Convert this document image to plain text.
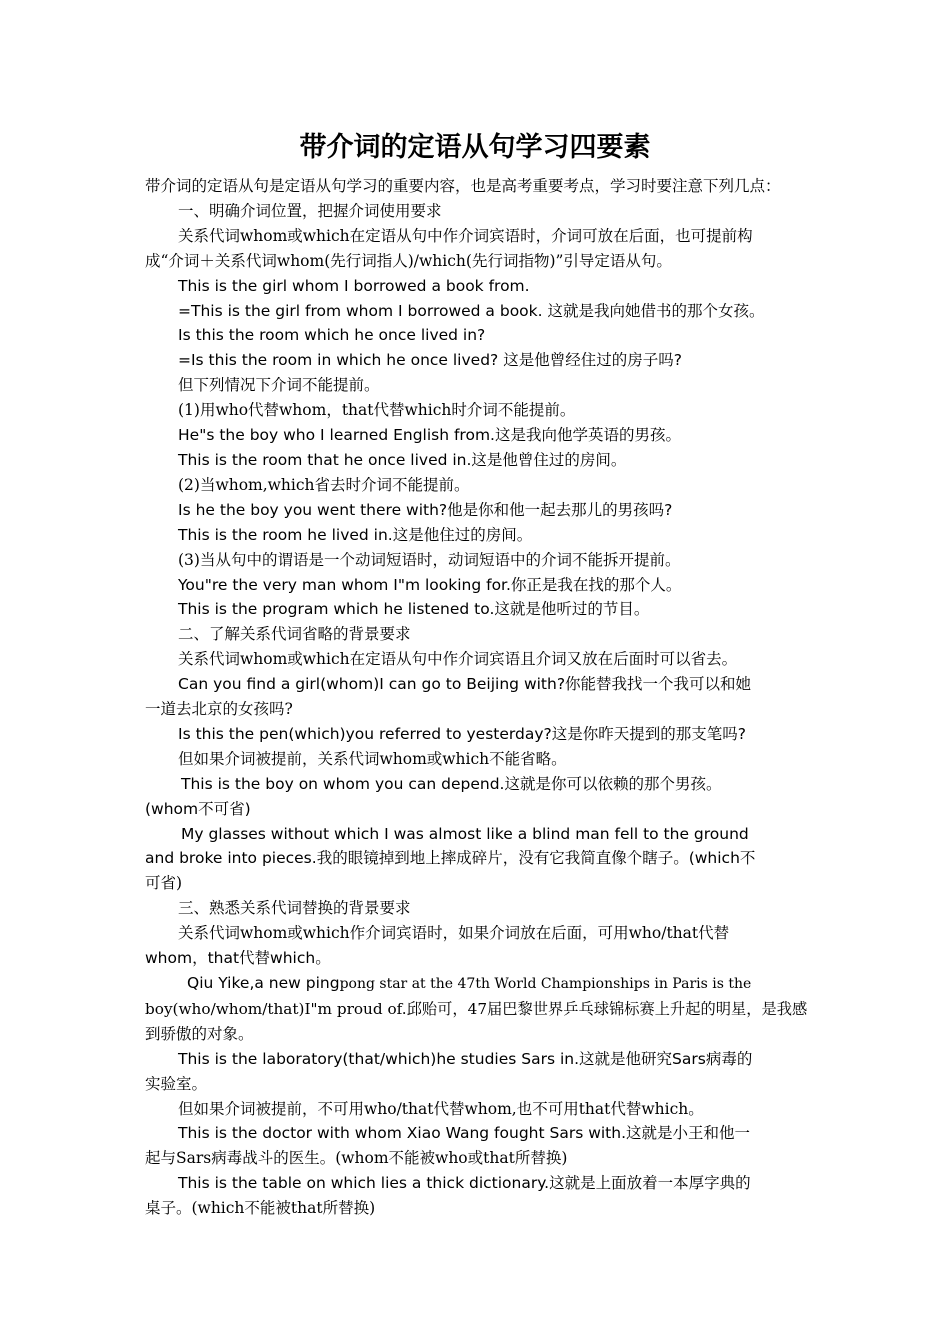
带介词的定语从句学习四要素

带介词的定语从句是定语从句学习的重要内容，也是高考重要考点，学习时要注意下列几点：

一、明确介词位置，把握介词使用要求

关系代词whom或which在定语从句中作介词宾语时，介词可放在后面，也可提前构

成“介词＋关系代词whom(先行词指人)/which(先行词指物)”引导定语从句。

This is the girl whom I borrowed a book from.

=This is the girl from whom I borrowed a book. 这就是我向她借书的那个女孩。

Is this the room which he once lived in?

=Is this the room in which he once lived? 这是他曾经住过的房子吗?

但下列情况下介词不能提前。

(1)用who代替whom，that代替which时介词不能提前。

He"s the boy who I learned English from.这是我向他学英语的男孩。

This is the room that he once lived in.这是他曾住过的房间。

(2)当whom,which省去时介词不能提前。

Is he the boy you went there with?他是你和他一起去那儿的男孩吗?

This is the room he lived in.这是他住过的房间。

(3)当从句中的谓语是一个动词短语时，动词短语中的介词不能拆开提前。

You"re the very man whom I"m looking for.你正是我在找的那个人。

This is the program which he listened to.这就是他听过的节目。

二、了解关系代词省略的背景要求

关系代词whom或which在定语从句中作介词宾语且介词又放在后面时可以省去。

Can you find a girl(whom)I can go to Beijing with?你能替我找一个我可以和她

一道去北京的女孩吗?

Is this the pen(which)you referred to yesterday?这是你昨天提到的那支笔吗?

但如果介词被提前，关系代词whom或which不能省略。

This is the boy on whom you can depend.这就是你可以依赖的那个男孩。

(whom不可省)

My glasses without which I was almost like a blind man fell to the ground

and broke into pieces.我的眼镜掉到地上摔成碎片，没有它我简直像个瞎子。(which不

可省)

三、熟悉关系代词替换的背景要求

关系代词whom或which作介词宾语时，如果介词放在后面，可用who/that代替

whom，that代替which。

Qiu Yike,a new pingpong star at the 47th World Championships in Paris is the

boy(who/whom/that)I"m proud of.邱贻可，47届巴黎世界乒乓球锦标赛上升起的明星，是我感

到骄傲的对象。

This is the laboratory(that/which)he studies Sars in.这就是他研究Sars病毒的

实验室。

但如果介词被提前，不可用who/that代替whom,也不可用that代替which。

This is the doctor with whom Xiao Wang fought Sars with.这就是小王和他一

起与Sars病毒战斗的医生。(whom不能被who或that所替换)

This is the table on which lies a thick dictionary.这就是上面放着一本厚字典的

桌子。(which不能被that所替换)
